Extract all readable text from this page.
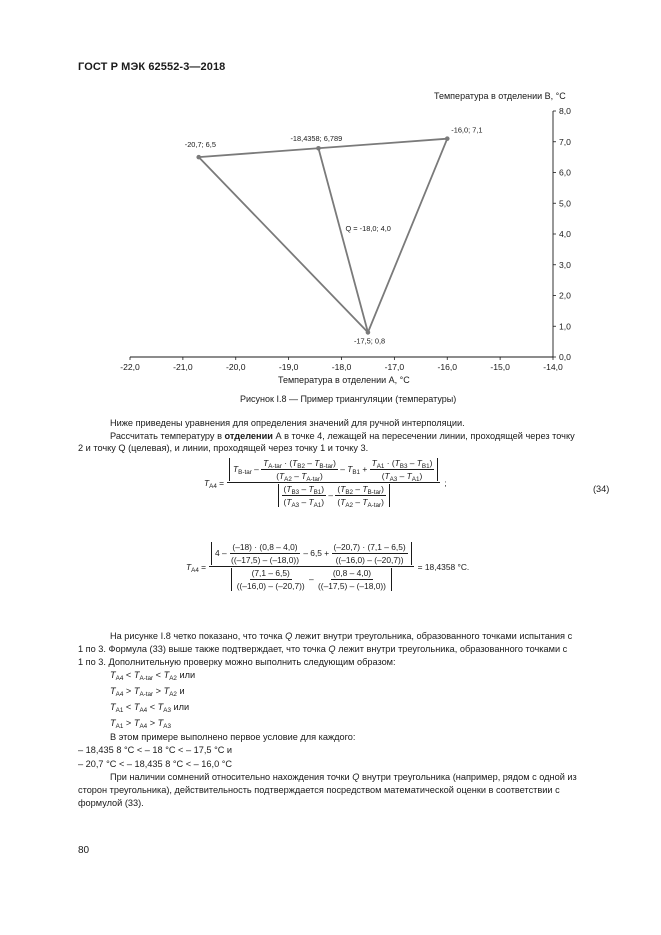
ГОСТ Р МЭК 62552-3—2018
Температура в отделении В, °С
-22,0	-21,0	-20,0	-19,0	-18,0	-17,0	-16,0	-15,0	-14,0
0,0
1,0
2,0
3,0
4,0
5,0
6,0
7,0
8,0
-20,7; 6,5
-16,0; 7,1
-17,5; 0,8
-18,4358; 6,789
Q = -18,0; 4,0
Температура в отделении А, °С
Рисунок I.8 — Пример триангуляции (температуры)
Ниже приведены уравнения для определения значений для ручной интерполяции.
Рассчитать температуру в отделении А в точке 4, лежащей на пересечении линии, проходящей через точку
2 и точку Q (целевая), и линии, проходящей через точку 1 и точку 3.
$T_{A4}$ =
$T_{B-tar} - \frac{T_{A-tar} \cdot (T_{B2} - T_{B-tar})}{(T_{A2} - T_{A-tar})} - T_{B1} + \frac{T_{A1} \cdot (T_{B3} - T_{B1})}{(T_{A3} - T_{A1})}$
$\frac{(T_{B3} - T_{B1})}{(T_{A3} - T_{A1})} - \frac{(T_{B2} - T_{B-tar})}{(T_{A2} - T_{A-tar})}$
;
(34)
$T_{A4}$ =
$4 - \frac{(-18) \cdot (0,8 - 4,0)}{((-17,5) - (-18,0))} - 6,5 + \frac{(-20,7) \cdot (7,1 - 6,5)}{((-16,0) - (-20,7))}$
$\frac{(7,1 - 6,5)}{((-16,0) - (-20,7))} - \frac{(0,8 - 4,0)}{((-17,5) - (-18,0))}$
= 18,4358 °С.
На рисунке I.8 четко показано, что точка Q лежит внутри треугольника, образованного точками испытания с
1 по 3. Формула (33) выше также подтверждает, что точка Q лежит внутри треугольника, образованного точками с
1 по 3. Дополнительную проверку можно выполнить следующим образом:
$T_{A4} < T_{A-tar} < T_{A2}$ или
$T_{A4} > T_{A-tar} > T_{A2}$ и
$T_{A1} < T_{A4} < T_{A3}$ или
$T_{A1} > T_{A4} > T_{A3}$
В этом примере выполнено первое условие для каждого:
– 18,435 8 °С < – 18 °С < – 17,5 °С и
– 20,7 °С < – 18,435 8 °С < – 16,0 °С
При наличии сомнений относительно нахождения точки Q внутри треугольника (например, рядом с одной из
сторон треугольника), действительность подтверждается посредством математической оценки в соответствии с
формулой (33).
80
